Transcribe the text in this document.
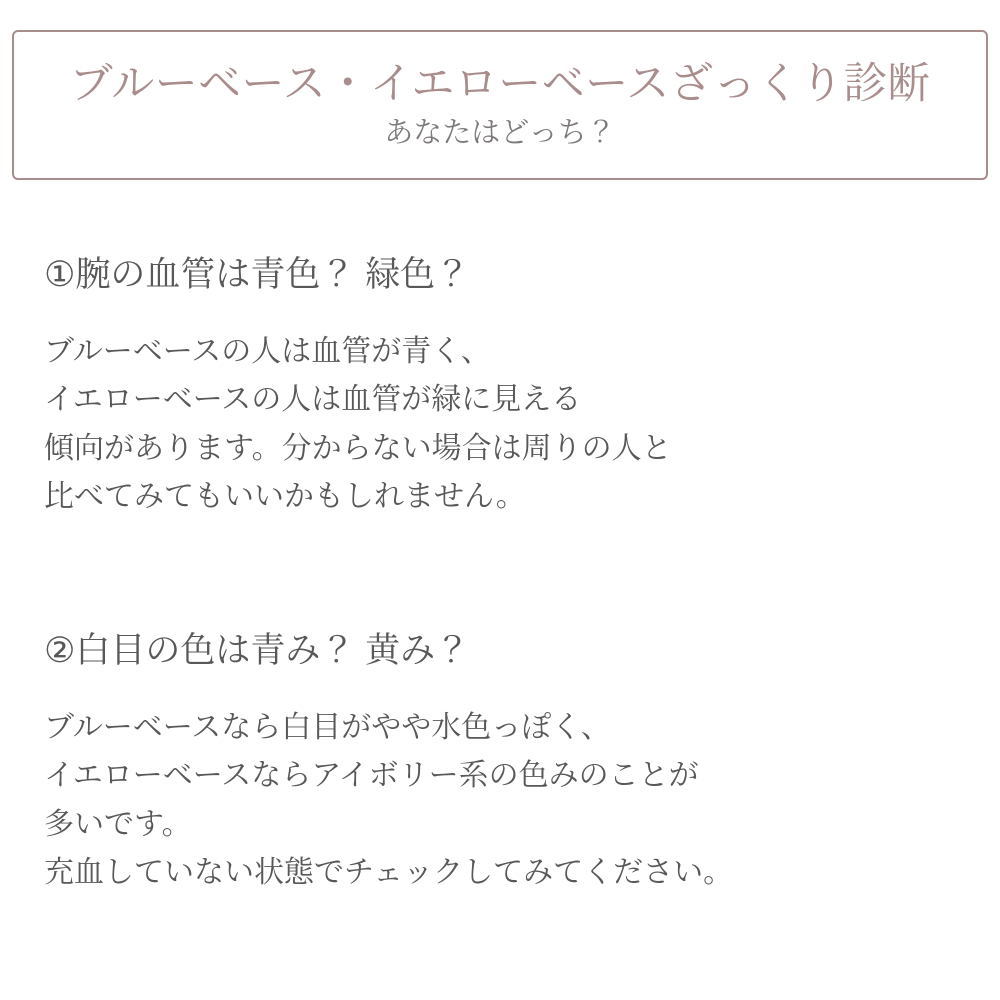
ブルーベース・イエローベースざっくり診断
あなたはどっち？
①腕の血管は青色？ 緑色？

ブルーベースの人は血管が青く、
イエローベースの人は血管が緑に見える
傾向があります。分からない場合は周りの人と
比べてみてもいいかもしれません。

②白目の色は青み？ 黄み？

ブルーベースなら白目がやや水色っぽく、
イエローベースならアイボリー系の色みのことが
多いです。
充血していない状態でチェックしてみてください。
